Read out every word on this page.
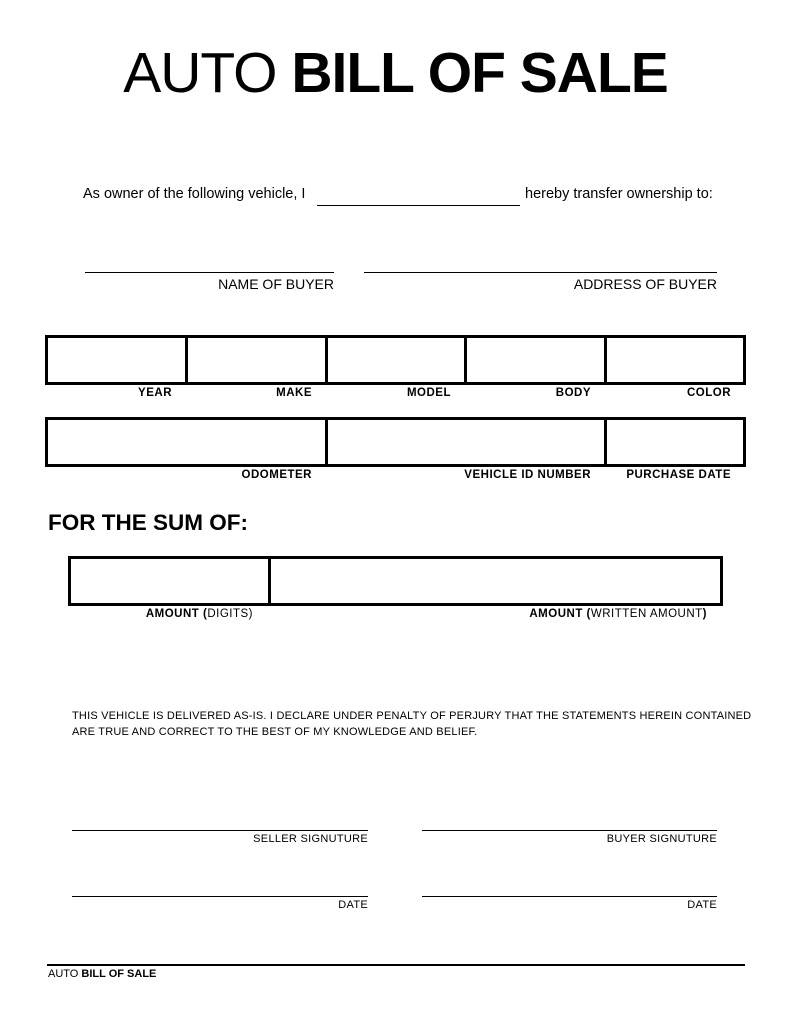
AUTO BILL OF SALE
As owner of the following vehicle, I	hereby transfer ownership to:
NAME OF BUYER	ADDRESS OF BUYER
YEAR	MAKE	MODEL	BODY	COLOR
ODOMETER	VEHICLE ID NUMBER	PURCHASE DATE
FOR THE SUM OF:
AMOUNT (DIGITS)	AMOUNT (WRITTEN AMOUNT)
THIS VEHICLE IS DELIVERED AS-IS. I DECLARE UNDER PENALTY OF PERJURY THAT THE STATEMENTS HEREIN CONTAINED
ARE TRUE AND CORRECT TO THE BEST OF MY KNOWLEDGE AND BELIEF.
SELLER SIGNUTURE	BUYER SIGNUTURE
DATE	DATE
AUTO BILL OF SALE
